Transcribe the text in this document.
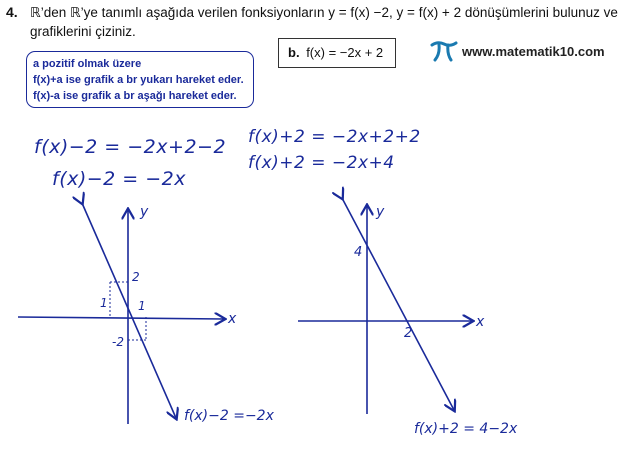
4. ℝ’den ℝ’ye tanımlı aşağıda verilen fonksiyonların y = f(x) −2, y = f(x) + 2 dönüşümlerini bulunuz ve grafiklerini çiziniz.
a pozitif olmak üzere
f(x)+a ise grafik a br yukarı hareket eder.
f(x)-a ise grafik a br aşağı hareket eder.
b. f(x) = −2x + 2	www.matematik10.com
f(x)−2 = −2x+2−2
f(x)−2 = −2x
f(x)+2 = −2x+2+2
f(x)+2 = −2x+4
x
y
2
1	1
-2
f(x)−2 =−2x
x
y
4
2
f(x)+2 = 4−2x
